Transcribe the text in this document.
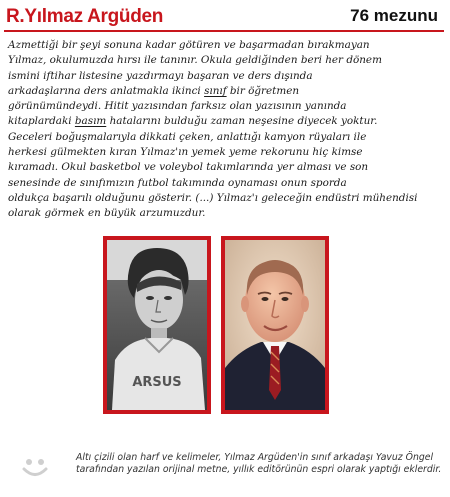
R.Yılmaz Argüden	76 mezunu
Azmettiği bir şeyi sonuna kadar götüren ve başarmadan bırakmayan
Yılmaz, okulumuzda hırsı ile tanınır. Okula geldiğinden beri her dönem
ismini iftihar listesine yazdırmayı başaran ve ders dışında
arkadaşlarına ders anlatmakla ikinci sınıf bir öğretmen
görünümündeydi. Hitit yazısından farksız olan yazısının yanında
kitaplardaki basım hatalarını bulduğu zaman neşesine diyecek yoktur.
Geceleri boğuşmalarıyla dikkati çeken, anlattığı kamyon rüyaları ile
herkesi gülmekten kıran Yılmaz'ın yemek yeme rekorunu hiç kimse
kıramadı. Okul basketbol ve voleybol takımlarında yer alması ve son
senesinde de sınıfımızın futbol takımında oynaması onun sporda
oldukça başarılı olduğunu gösterir. (...) Yılmaz'ı geleceğin endüstri mühendisi
olarak görmek en büyük arzumuzdur.
ARSUS
Altı çizili olan harf ve kelimeler, Yılmaz Argüden'in sınıf arkadaşı Yavuz Öngel tarafından yazılan orijinal metne, yıllık editörünün espri olarak yaptığı eklerdir.
